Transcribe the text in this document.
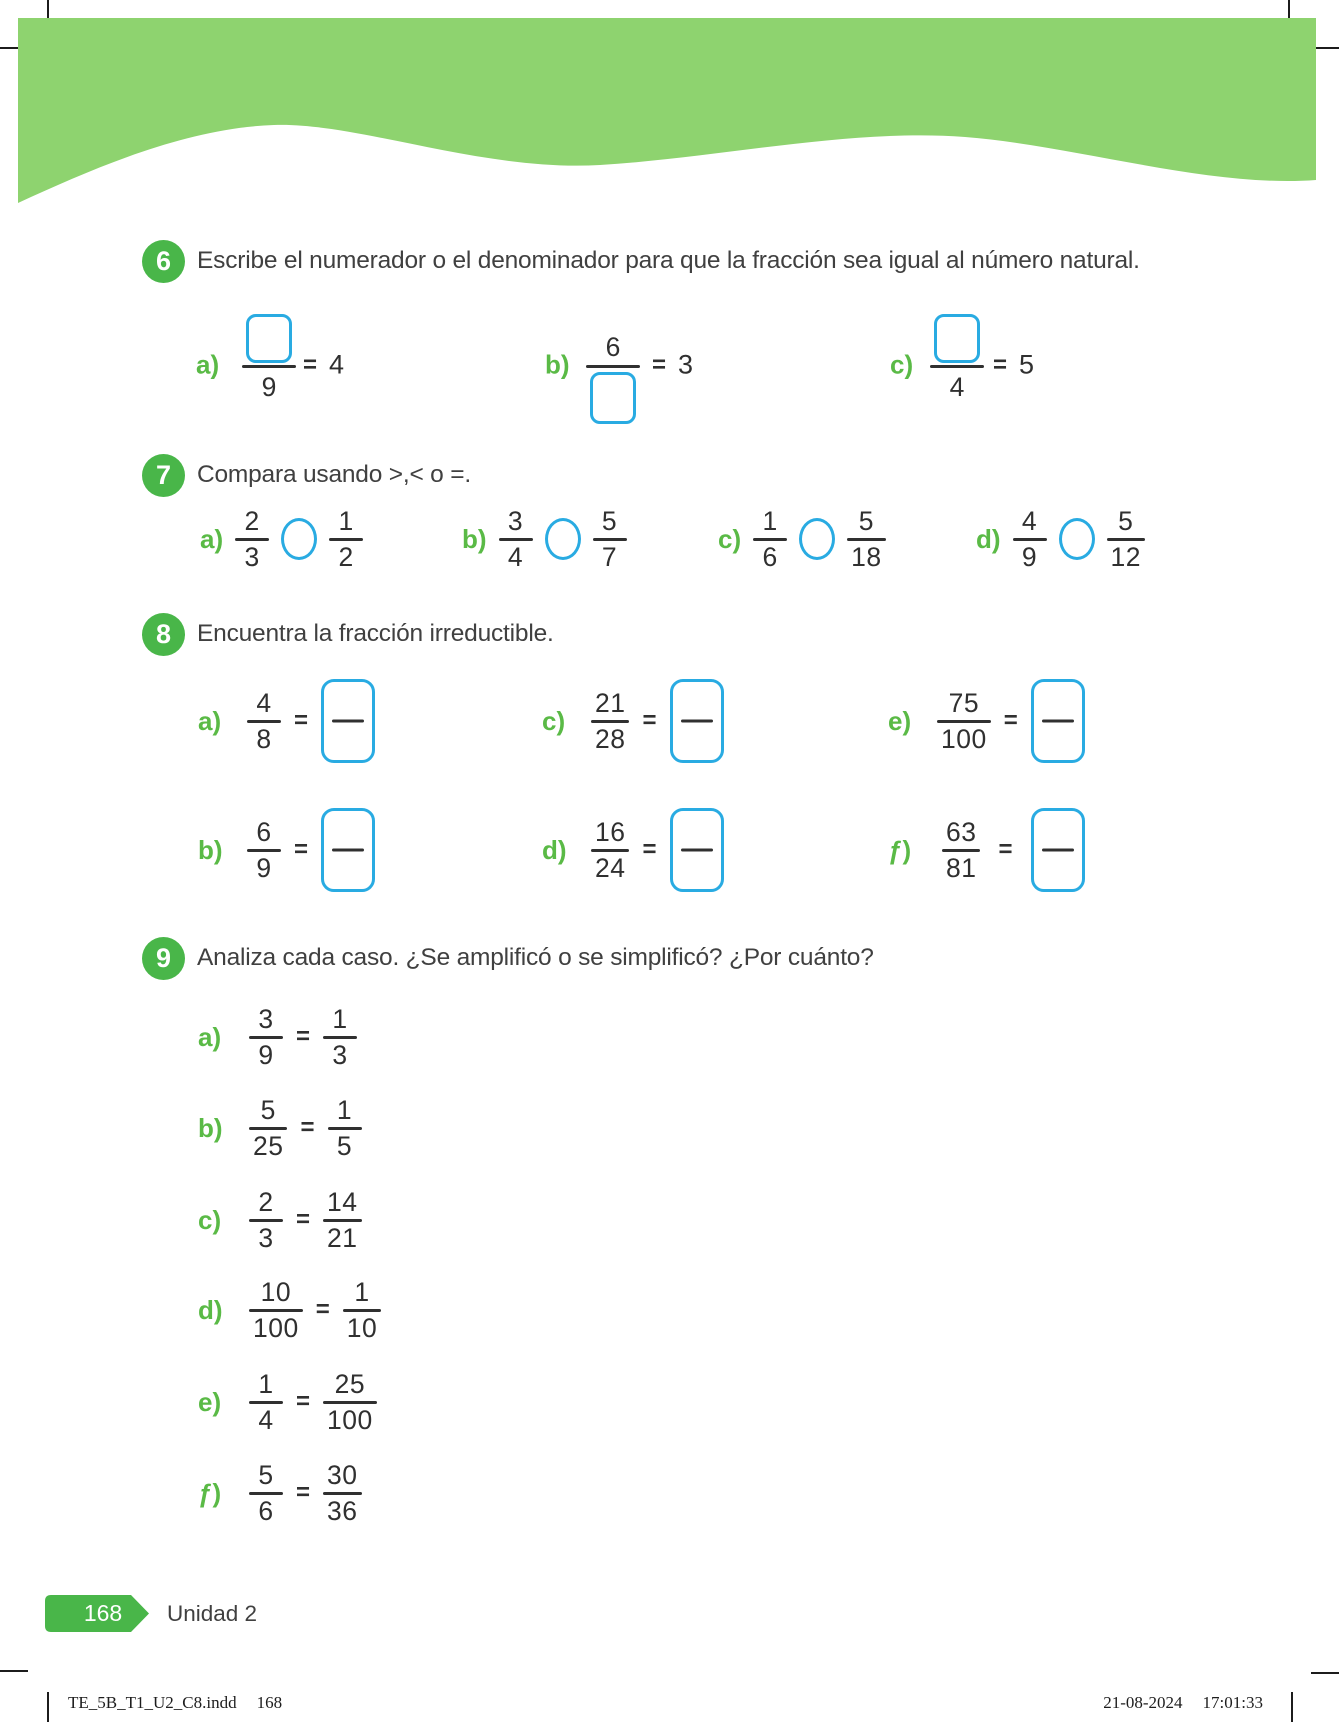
6	Escribe el numerador o el denominador para que la fracción sea igual al número natural.
a)
9
= 4	b)
6
= 3	c)
4
= 5
7	Compara usando >,< o =.
$a) \frac{2}{3} \frac{1}{2}$	$b) \frac{3}{4} \frac{5}{7}$	$c) \frac{1}{6} \frac{5}{18}$	$d) \frac{4}{9} \frac{5}{12}$
8	Encuentra la fracción irreductible.
$a) \frac{4}{8}$ =	$c) \frac{21}{28}$ =	$e) \frac{75}{100}$ =
$b) \frac{6}{9}$ =	$d) \frac{16}{24}$ =	ƒ)	$\frac{63}{81}$ =
9	Analiza cada caso. ¿Se amplificó o se simplificó? ¿Por cuánto?
a)	$\frac{3}{9} = \frac{1}{3}$
$b) \frac{5}{25} = \frac{1}{5}$
c)	$\frac{2}{3} = \frac{14}{21}$
$d) \frac{10}{100} = \frac{1}{10}$
e)	$\frac{1}{4} = \frac{25}{100}$
ƒ)	$\frac{5}{6} = \frac{30}{36}$
168	Unidad 2
TE_5B_T1_U2_C8.indd 168	21-08-2024 17:01:33
